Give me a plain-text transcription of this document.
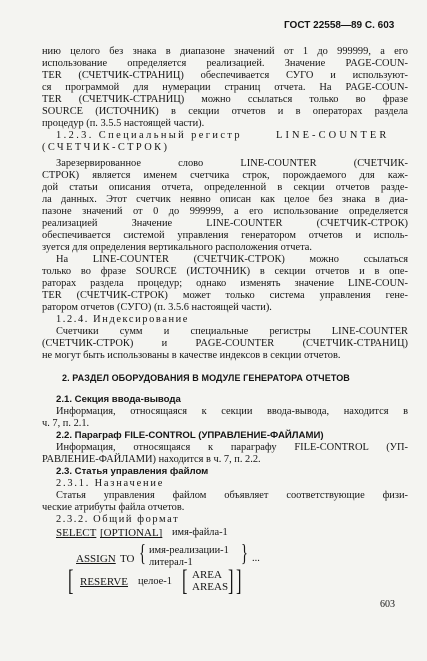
ГОСТ 22558—89 С. 603
нию целого без знака в диапазоне значений от 1 до 999999, а его
использование определяется реализацией. Значение PAGE-COUN-
TER (СЧЕТЧИК-СТРАНИЦ) обеспечивается СУГО и используют-
ся программой для нумерации страниц отчета. На PAGE-COUN-
TER (СЧЕТЧИК-СТРАНИЦ) можно ссылаться только во фразе
SOURCE (ИСТОЧНИК) в секции отчетов и в операторах раздела
процедур (п. 3.5.5 настоящей части).
1.2.3. Специальный регистр	LINE-COUNTER
(СЧЕТЧИК-СТРОК)
Зарезервированное слово LINE-COUNTER (СЧЕТЧИК-
СТРОК) является именем счетчика строк, порождаемого для каж-
дой статьи описания отчета, определенной в секции отчетов разде-
ла данных. Этот счетчик неявно описан как целое без знака в диа-
пазоне значений от 0 до 999999, а его использование определяется
реализацией Значение LINE-COUNTER (СЧЕТЧИК-СТРОК)
обеспечивается системой управления генератором отчетов и исполь-
зуется для определения вертикального расположения отчета.
На LINE-COUNTER (СЧЕТЧИК-СТРОК) можно ссылаться
только во фразе SOURCE (ИСТОЧНИК) в секции отчетов и в опе-
раторах раздела процедур; однако изменять значение LINE-COUN-
TER (СЧЕТЧИК-СТРОК) может только система управления гене-
ратором отчетов (СУГО) (п. 3.5.6 настоящей части).
1.2.4. Индексирование
Счетчики сумм и специальные регистры LINE-COUNTER
(СЧЕТЧИК-СТРОК) и PAGE-COUNTER (СЧЕТЧИК-СТРАНИЦ)
не могут быть использованы в качестве индексов в секции отчетов.
2. РАЗДЕЛ ОБОРУДОВАНИЯ В МОДУЛЕ ГЕНЕРАТОРА ОТЧЕТОВ
2.1. Секция ввода-вывода
Информация, относящаяся к секции ввода-вывода, находится в
ч. 7, п. 2.1.
2.2. Параграф FILE-CONTROL (УПРАВЛЕНИЕ-ФАЙЛАМИ)
Информация, относящаяся к параграфу FILE-CONTROL (УП-
РАВЛЕНИЕ-ФАЙЛАМИ) находится в ч. 7, п. 2.2.
2.3. Статья управления файлом
2.3.1. Назначение
Статья управления файлом объявляет соответствующие физи-
ческие атрибуты файла отчетов.
2.3.2. Общий формат
SELECT [OPTIONAL] имя-файла-1
ASSIGN TO { имя-реализации-1
литерал-1 } ...
[ RESERVE целое-1 [ AREA
AREAS ] ]
603
